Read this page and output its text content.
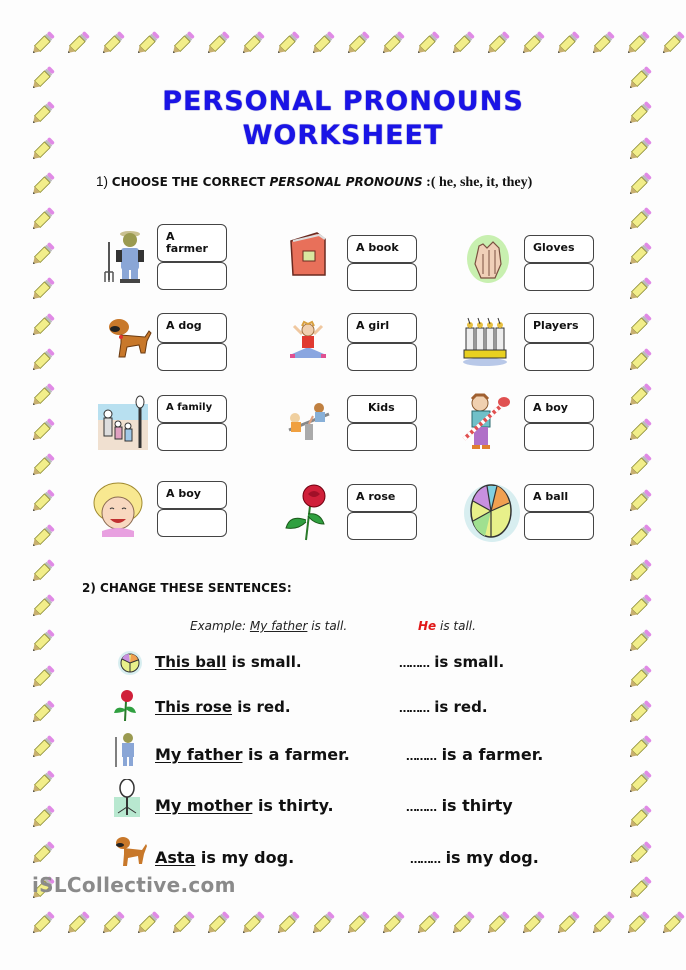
PERSONAL PRONOUNS
WORKSHEET
1) CHOOSE THE CORRECT PERSONAL PRONOUNS :( he, she, it, they)
A farmer	A book	Gloves
A dog	A girl	Players
A family	Kids	A boy
A boy	A rose	A ball
2) CHANGE THESE SENTENCES:
Example: My father is tall.	He is tall.
This ball is small.	……… is small.
This rose is red.	……… is red.
My father is a farmer.	……… is a farmer.
My mother is thirty.	……… is thirty
Asta is my dog.	……… is my dog.
iSLCollective.com
